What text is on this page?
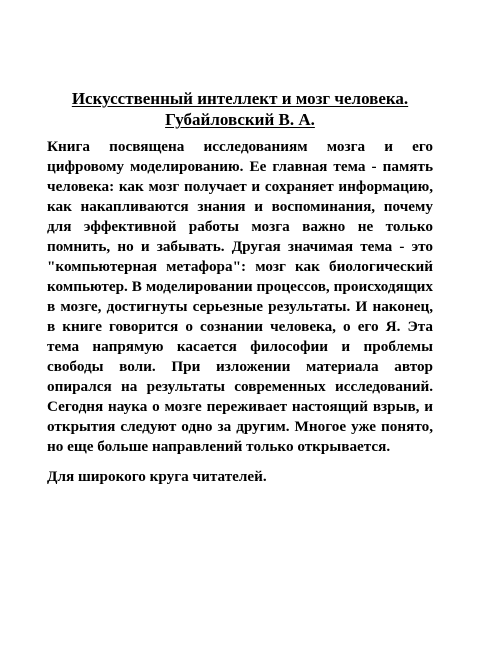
Искусственный интеллект и мозг человека.
Губайловский В. А.

Книга посвящена исследованиям мозга и его цифровому моделированию. Ее главная тема - память человека: как мозг получает и сохраняет информацию, как накапливаются знания и воспоминания, почему для эффективной работы мозга важно не только помнить, но и забывать. Другая значимая тема - это "компьютерная метафора": мозг как биологический компьютер. В моделировании процессов, происходящих в мозге, достигнуты серьезные результаты. И наконец, в книге говорится о сознании человека, о его Я. Эта тема напрямую касается философии и проблемы свободы воли. При изложении материала автор опирался на результаты современных исследований. Сегодня наука о мозге переживает настоящий взрыв, и открытия следуют одно за другим. Многое уже понято, но еще больше направлений только открывается.

Для широкого круга читателей.
